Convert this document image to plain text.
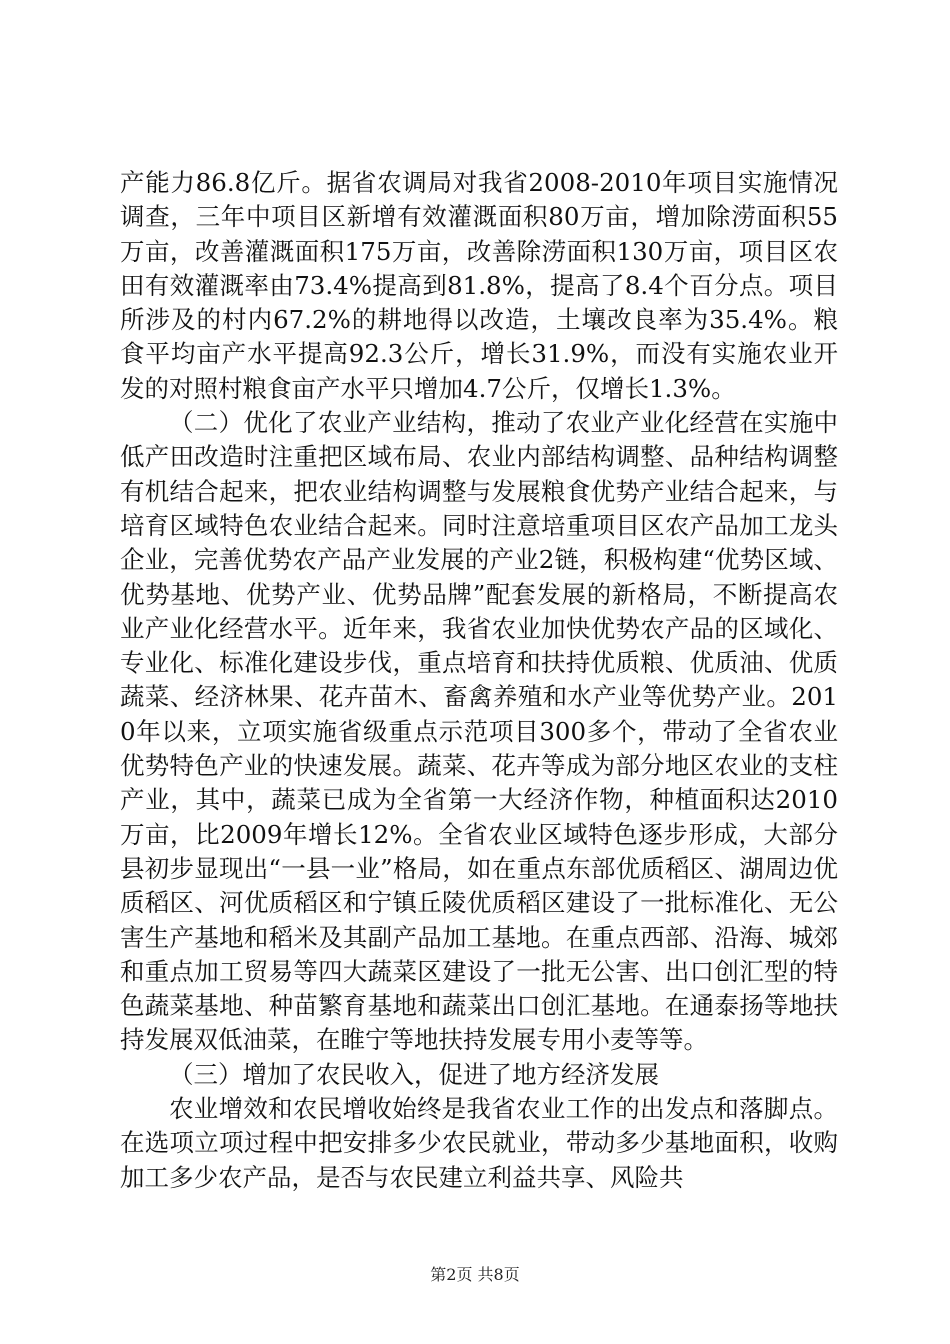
产能力86.8亿斤。据省农调局对我省2008-2010年项目实施情况调查，三年中项目区新增有效灌溉面积80万亩，增加除涝面积55万亩，改善灌溉面积175万亩，改善除涝面积130万亩，项目区农田有效灌溉率由73.4%提高到81.8%，提高了8.4个百分点。项目所涉及的村内67.2%的耕地得以改造，土壤改良率为35.4%。粮食平均亩产水平提高92.3公斤，增长31.9%，而没有实施农业开发的对照村粮食亩产水平只增加4.7公斤，仅增长1.3%。

（二）优化了农业产业结构，推动了农业产业化经营在实施中低产田改造时注重把区域布局、农业内部结构调整、品种结构调整有机结合起来，把农业结构调整与发展粮食优势产业结合起来，与培育区域特色农业结合起来。同时注意培重项目区农产品加工龙头企业，完善优势农产品产业发展的产业2链，积极构建“优势区域、优势基地、优势产业、优势品牌”配套发展的新格局，不断提高农业产业化经营水平。近年来，我省农业加快优势农产品的区域化、专业化、标准化建设步伐，重点培育和扶持优质粮、优质油、优质蔬菜、经济林果、花卉苗木、畜禽养殖和水产业等优势产业。2010年以来，立项实施省级重点示范项目300多个，带动了全省农业优势特色产业的快速发展。蔬菜、花卉等成为部分地区农业的支柱产业，其中，蔬菜已成为全省第一大经济作物，种植面积达2010万亩，比2009年增长12%。全省农业区域特色逐步形成，大部分县初步显现出“一县一业”格局，如在重点东部优质稻区、湖周边优质稻区、河优质稻区和宁镇丘陵优质稻区建设了一批标准化、无公害生产基地和稻米及其副产品加工基地。在重点西部、沿海、城郊和重点加工贸易等四大蔬菜区建设了一批无公害、出口创汇型的特色蔬菜基地、种苗繁育基地和蔬菜出口创汇基地。在通泰扬等地扶持发展双低油菜，在睢宁等地扶持发展专用小麦等等。

（三）增加了农民收入，促进了地方经济发展

农业增效和农民增收始终是我省农业工作的出发点和落脚点。在选项立项过程中把安排多少农民就业，带动多少基地面积，收购加工多少农产品，是否与农民建立利益共享、风险共

第2页 共8页
